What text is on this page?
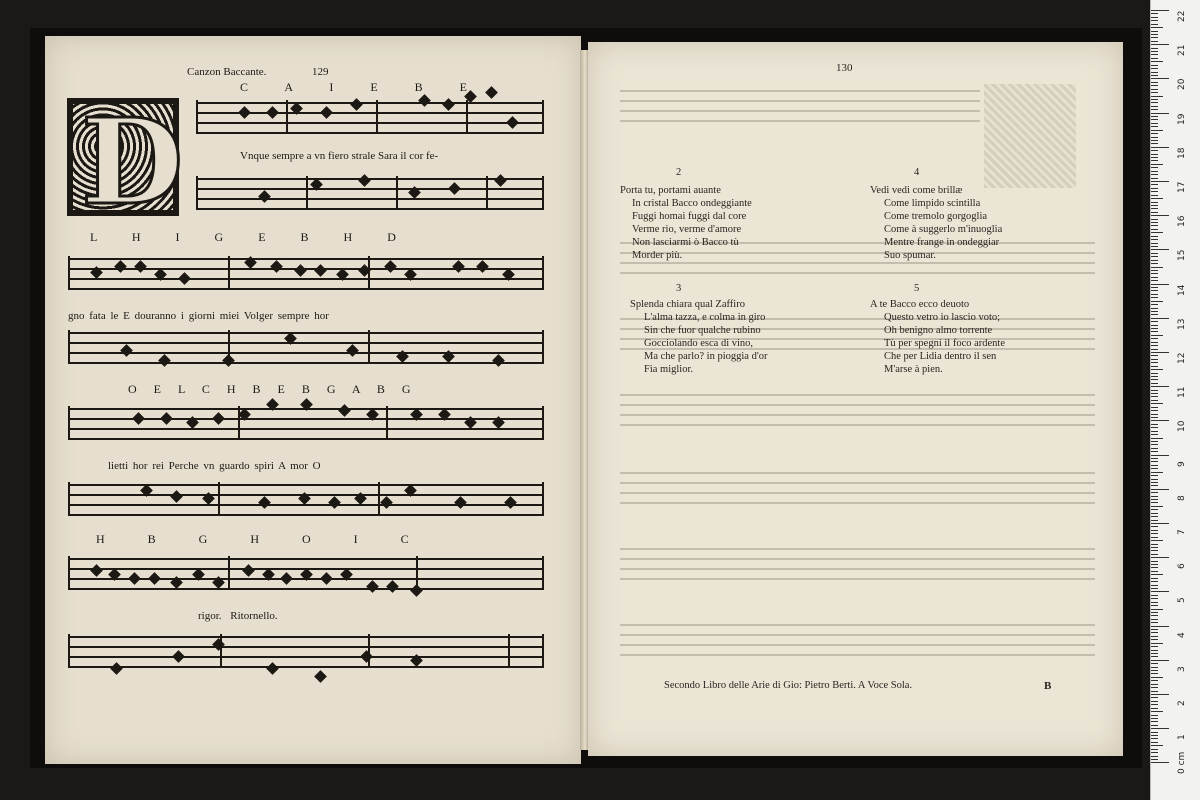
Canzon Baccante.	129
D
C A I E B E
Vnque sempre a vn fiero strale Sara il cor fe-
L H I G E B H D
gno fata le E douranno i giorni miei Volger sempre hor
O E L C H B E B G A B G
lietti hor rei Perche vn guardo spiri A mor O
H B G H O I C
rigor. Ritornello.
130
2
Porta tu, portami auante
In cristal Bacco ondeggiante
Fuggi homai fuggi dal core
Verme rio, verme d'amore
Non lasciarmi ò Bacco tù
Morder più.
4
Vedi vedi come brillæ
Come limpido scintilla
Come tremolo gorgoglia
Come à suggerlo m'inuoglia
Mentre frange in ondeggiar
Suo spumar.
3
Splenda chiara qual Zaffiro
L'alma tazza, e colma in giro
Sin che fuor qualche rubino
Gocciolando esca di vino,
Ma che parlo? in pioggia d'or
Fia miglior.
5
A te Bacco ecco deuoto
Questo vetro io lascio voto;
Oh benigno almo torrente
Tù per spegni il foco ardente
Che per Lidia dentro il sen
M'arse à pien.
Secondo Libro delle Arie di Gio: Pietro Berti. A Voce Sola.	B
22
21
20
19
18
17
16
15
14
13
12
11
10
9
8
7
6
5
4
3
2
1
0 cm
